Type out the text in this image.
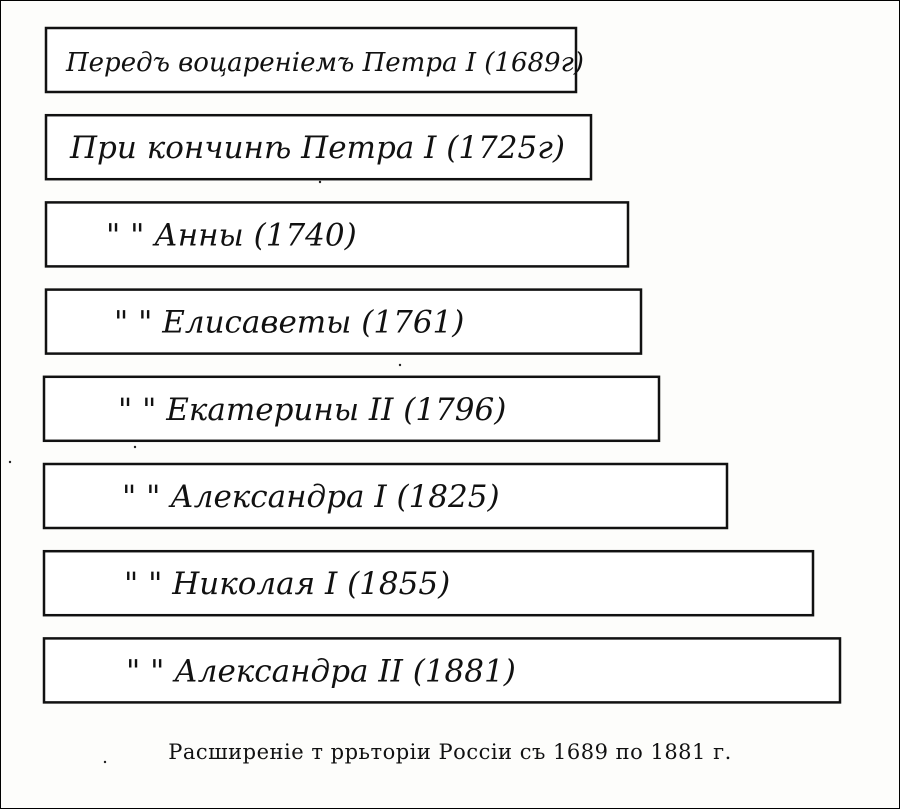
Передъ воцареніемъ Петра I (1689г)
При кончинѣ Петра I (1725г)
" " Анны (1740)
" " Елисаветы (1761)
" " Екатерины II (1796)
" " Александра I (1825)
" " Николая I (1855)
" " Александра II (1881)
Расширеніе т ррьторіи Россіи съ 1689 по 1881 г.
